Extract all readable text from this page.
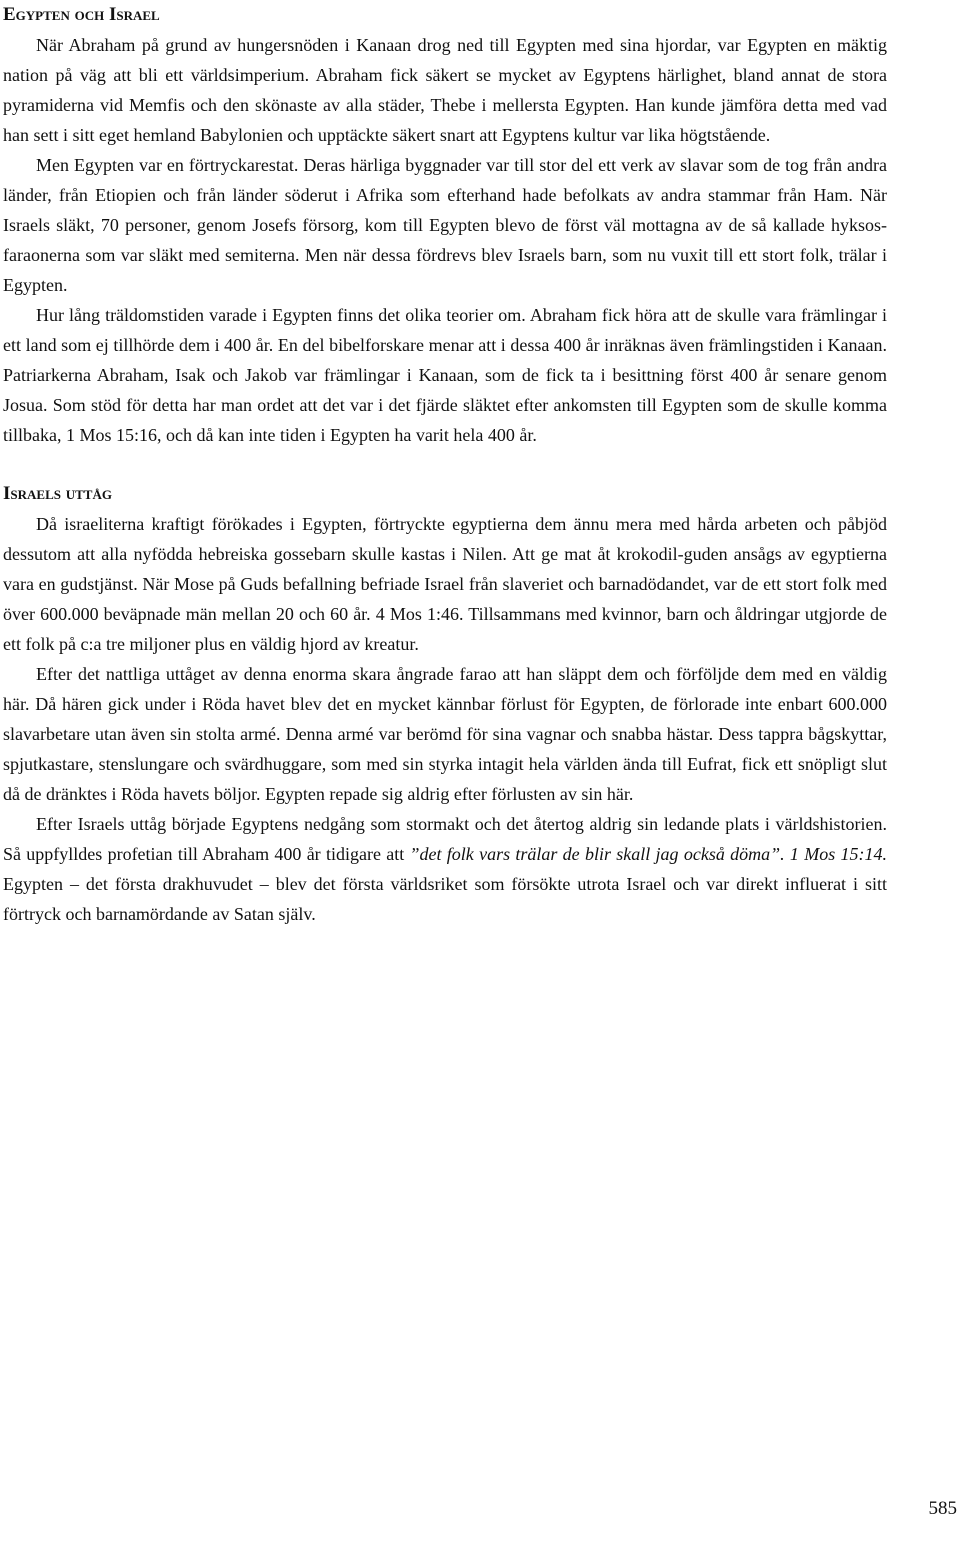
Egypten och Israel

När Abraham på grund av hungersnöden i Kanaan drog ned till Egypten med sina hjordar, var Egypten en mäktig nation på väg att bli ett världsimperium. Abraham fick säkert se mycket av Egyptens härlighet, bland annat de stora pyramiderna vid Memfis och den skönaste av alla städer, Thebe i mellersta Egypten. Han kunde jämföra detta med vad han sett i sitt eget hemland Babylonien och upptäckte säkert snart att Egyptens kultur var lika högtstående.

Men Egypten var en förtryckarestat. Deras härliga byggnader var till stor del ett verk av slavar som de tog från andra länder, från Etiopien och från länder söderut i Afrika som efterhand hade befolkats av andra stammar från Ham. När Israels släkt, 70 personer, genom Josefs försorg, kom till Egypten blevo de först väl mottagna av de så kallade hyksos-faraonerna som var släkt med semiterna. Men när dessa fördrevs blev Israels barn, som nu vuxit till ett stort folk, trälar i Egypten.

Hur lång träldomstiden varade i Egypten finns det olika teorier om. Abraham fick höra att de skulle vara främlingar i ett land som ej tillhörde dem i 400 år. En del bibelforskare menar att i dessa 400 år inräknas även främlingstiden i Kanaan. Patriarkerna Abraham, Isak och Jakob var främlingar i Kanaan, som de fick ta i besittning först 400 år senare genom Josua. Som stöd för detta har man ordet att det var i det fjärde släktet efter ankomsten till Egypten som de skulle komma tillbaka, 1 Mos 15:16, och då kan inte tiden i Egypten ha varit hela 400 år.

Israels uttåg

Då israeliterna kraftigt förökades i Egypten, förtryckte egyptierna dem ännu mera med hårda arbeten och påbjöd dessutom att alla nyfödda hebreiska gossebarn skulle kastas i Nilen. Att ge mat åt krokodil-guden ansågs av egyptierna vara en gudstjänst. När Mose på Guds befallning befriade Israel från slaveriet och barnadödandet, var de ett stort folk med över 600.000 beväpnade män mellan 20 och 60 år. 4 Mos 1:46. Tillsammans med kvinnor, barn och åldringar utgjorde de ett folk på c:a tre miljoner plus en väldig hjord av kreatur.

Efter det nattliga uttåget av denna enorma skara ångrade farao att han släppt dem och förföljde dem med en väldig här. Då hären gick under i Röda havet blev det en mycket kännbar förlust för Egypten, de förlorade inte enbart 600.000 slavarbetare utan även sin stolta armé. Denna armé var berömd för sina vagnar och snabba hästar. Dess tappra bågskyttar, spjutkastare, stenslungare och svärdhuggare, som med sin styrka intagit hela världen ända till Eufrat, fick ett snöpligt slut då de dränktes i Röda havets böljor. Egypten repade sig aldrig efter förlusten av sin här.

Efter Israels uttåg började Egyptens nedgång som stormakt och det återtog aldrig sin ledande plats i världshistorien. Så uppfylldes profetian till Abraham 400 år tidigare att ”det folk vars trälar de blir skall jag också döma”. 1 Mos 15:14. Egypten – det första drakhuvudet – blev det första världsriket som försökte utrota Israel och var direkt influerat i sitt förtryck och barnamördande av Satan själv.

585
